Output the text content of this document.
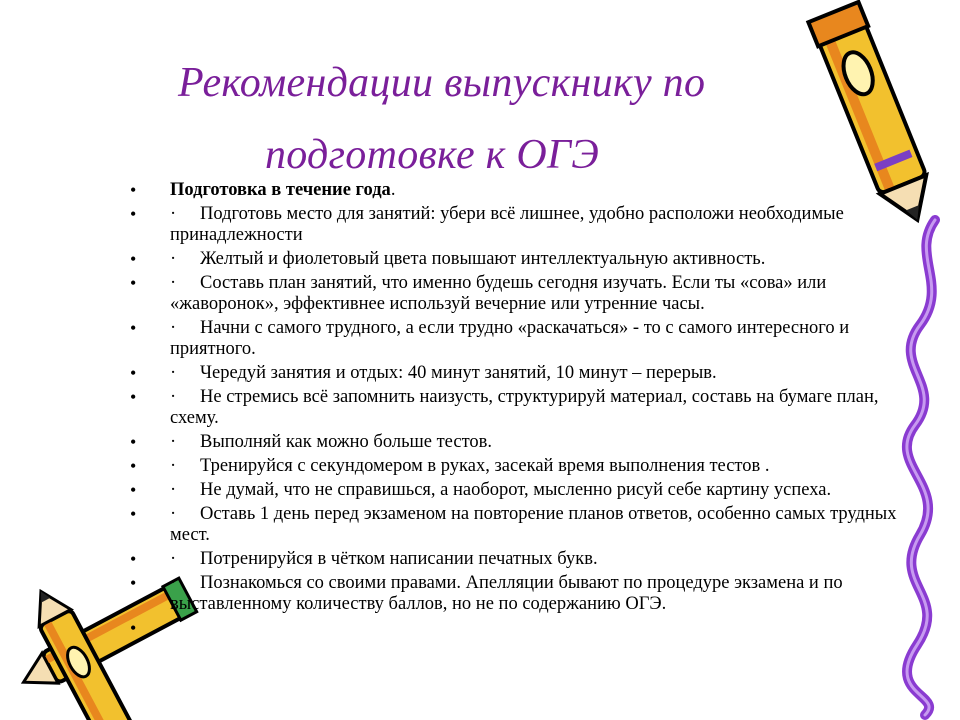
Рекомендации выпускнику по
подготовке к ОГЭ
• Подготовка в течение года.
• · Подготовь место для занятий: убери всё лишнее, удобно расположи необходимые принадлежности
• · Желтый и фиолетовый цвета повышают интеллектуальную активность.
• · Составь план занятий, что именно будешь сегодня изучать. Если ты «сова» или «жаворонок», эффективнее используй вечерние или утренние часы.
• · Начни с самого трудного, а если трудно «раскачаться» - то с самого интересного и приятного.
• · Чередуй занятия и отдых: 40 минут занятий, 10 минут – перерыв.
• · Не стремись всё запомнить наизусть, структурируй материал, составь на бумаге план, схему.
• · Выполняй как можно больше тестов.
• · Тренируйся с секундомером в руках, засекай время выполнения тестов .
• · Не думай, что не справишься, а наоборот, мысленно рисуй себе картину успеха.
• · Оставь 1 день перед экзаменом на повторение планов ответов, особенно самых трудных мест.
• · Потренируйся в чётком написании печатных букв.
• · Познакомься со своими правами. Апелляции бывают по процедуре экзамена и по выставленному количеству баллов, но не по содержанию ОГЭ.
•
